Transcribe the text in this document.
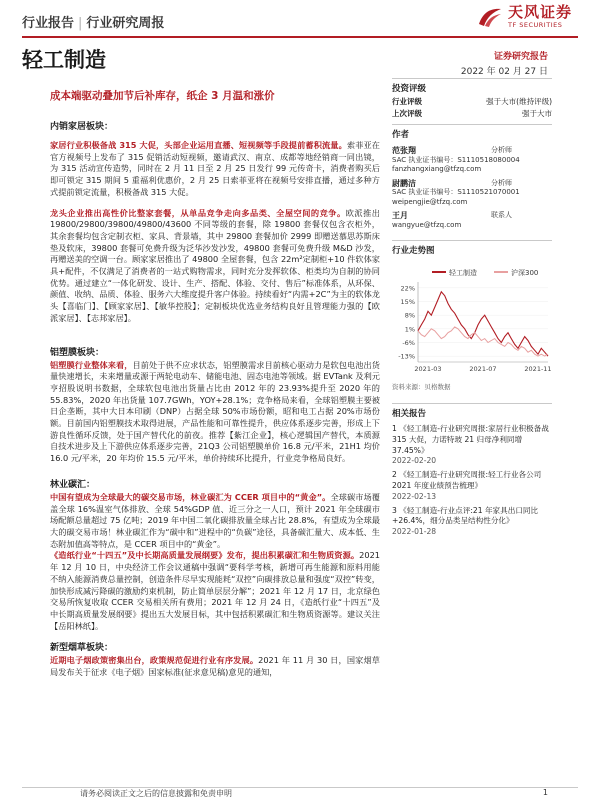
行业报告 | 行业研究周报
天风证券
TF SECURITIES
轻工制造	证券研究报告
2022 年 02 月 27 日
成本端驱动叠加节后补库存，纸企 3 月温和涨价
内销家居板块：
家居行业积极备战 315 大促，头部企业运用直播、短视频等手段提前蓄积流量。索菲亚在官方视频号上发布了 315 促销活动短视频，邀请武汉、南京、成都等地经销商一同出镜，为 315 活动宣传造势，同时在 2 月 11 日至 2 月 25 日发行 99 元传奇卡，消费者购买后即可锁定 315 期间 5 重福利优惠价，2 月 25 日索菲亚将在视频号安排直播，通过多种方式提前锁定流量，积极备战 315 大促。
龙头企业推出高性价比整家套餐，从单品竞争走向多品类、全屋空间的竞争。欧派推出 19800/29800/39800/49800/43600 不同等级的套餐，除 19800 套餐仅包含衣柜外，其余套餐均包含定制衣柜、家具、背景墙，其中 29800 套餐加价 2999 即赠送慕思苏斯床垫及软床，39800 套餐可免费升级为泛华沙发沙发，49800 套餐可免费升级 M&D 沙发，再赠送美的空调一台。顾家家居推出了 49800 全屋套餐，包含 22m²定制柜+10 件软体家具+配件，不仅满足了消费者的一站式购物需求，同时充分发挥软体、柜类均为自制的协同优势。通过建立“一体化研发、设计、生产、搭配、体验、交付、售后”标准体系，从环保、颜值、收纳、品质、体验、服务六大维度提升客户体验。持续看好“内需+2C”为主的软体龙头【喜临门】、【顾家家居】、【敏华控股】；定制板块优选业务结构良好且管理能力强的【欧派家居】、【志邦家居】。
铝塑膜板块：
铝塑膜行业整体来看，目前处于供不应求状态，铝塑膜需求目前核心驱动力是软包电池出货量快速增长，未来增量或源于两轮电动车、储能电池、固态电池等领域。据 EVTank 及利元亨招股说明书数据，全球软包电池出货量占比由 2012 年的 23.93%提升至 2020 年的 55.83%，2020 年出货量 107.7GWh，YOY+28.1%；竞争格局来看，全球铝塑膜主要被日企垄断，其中大日本印刷（DNP）占据全球 50%市场份额，昭和电工占据 20%市场份额。目前国内铝塑膜技术取得进展，产品性能和可靠性提升，供应体系逐步完善，形成上下游良性循环反馈，处于国产替代化的前夜。推荐【紫江企业】，核心逻辑国产替代，本质源自技术进步及上下游供应体系逐步完善，21Q3 公司铝塑膜单价 16.8 元/平米，21H1 均价 16.0 元/平米，20 年均价 15.5 元/平米，单价持续环比提升，行业竞争格局良好。
林业碳汇：
中国有望成为全球最大的碳交易市场，林业碳汇为 CCER 项目中的“黄金”。全球碳市场覆盖全球 16%温室气体排放、全球 54%GDP 值、近三分之一人口，预计 2021 年全球碳市场配额总量超过 75 亿吨；2019 年中国二氧化碳排放量全球占比 28.8%，有望成为全球最大的碳交易市场！林业碳汇作为“碳中和”进程中的“负碳”途径，具备碳汇量大、成本低、生态附加值高等特点，是 CCER 项目中的“黄金”。
《造纸行业“十四五”及中长期高质量发展纲要》发布，提出积累碳汇和生物质资源。2021 年 12 月 10 日，中央经济工作会议通稿中强调“要科学考核，新增可再生能源和原料用能不纳入能源消费总量控制，创造条件尽早实现能耗“双控”向碳排放总量和强度“双控”转变，加快形成减污降碳的激励约束机制，防止简单层层分解”；2021 年 12 月 17 日，北京绿色交易所恢复收取 CCER 交易相关所有费用；2021 年 12 月 24 日，《造纸行业“十四五”及中长期高质量发展纲要》提出五大发展目标，其中包括积累碳汇和生物质资源等。建议关注【岳阳林纸】。
新型烟草板块：
近期电子烟政策密集出台，政策规范促进行业有序发展。2021 年 11 月 30 日，国家烟草局发布关于征求《电子烟》国家标准(征求意见稿)意见的通知，
投资评级
行业评级	强于大市(维持评级)
上次评级	强于大市
作者
范张翔	分析师
SAC 执业证书编号：S1110518080004
fanzhangxiang@tfzq.com
尉鹏洁	分析师
SAC 执业证书编号：S1110521070001
weipengjie@tfzq.com
王月	联系人
wangyue@tfzq.com
行业走势图
轻工制造	沪深300
22%
15%
8%
1%
-6%
-13%
2021-03	2021-07	2021-11
资料来源：贝格数据
相关报告
1 《轻工制造-行业研究周报:家居行业积极备战 315 大促，力诺特玻 21 归母净利同增 37.45%》
2022-02-20
2 《轻工制造-行业研究周报:轻工行业各公司 2021 年度业绩预告梳理》
2022-02-13
3 《轻工制造-行业点评:21 年家具出口同比+26.4%，细分品类呈结构性分化》
2022-01-28
请务必阅读正文之后的信息披露和免责申明	1
